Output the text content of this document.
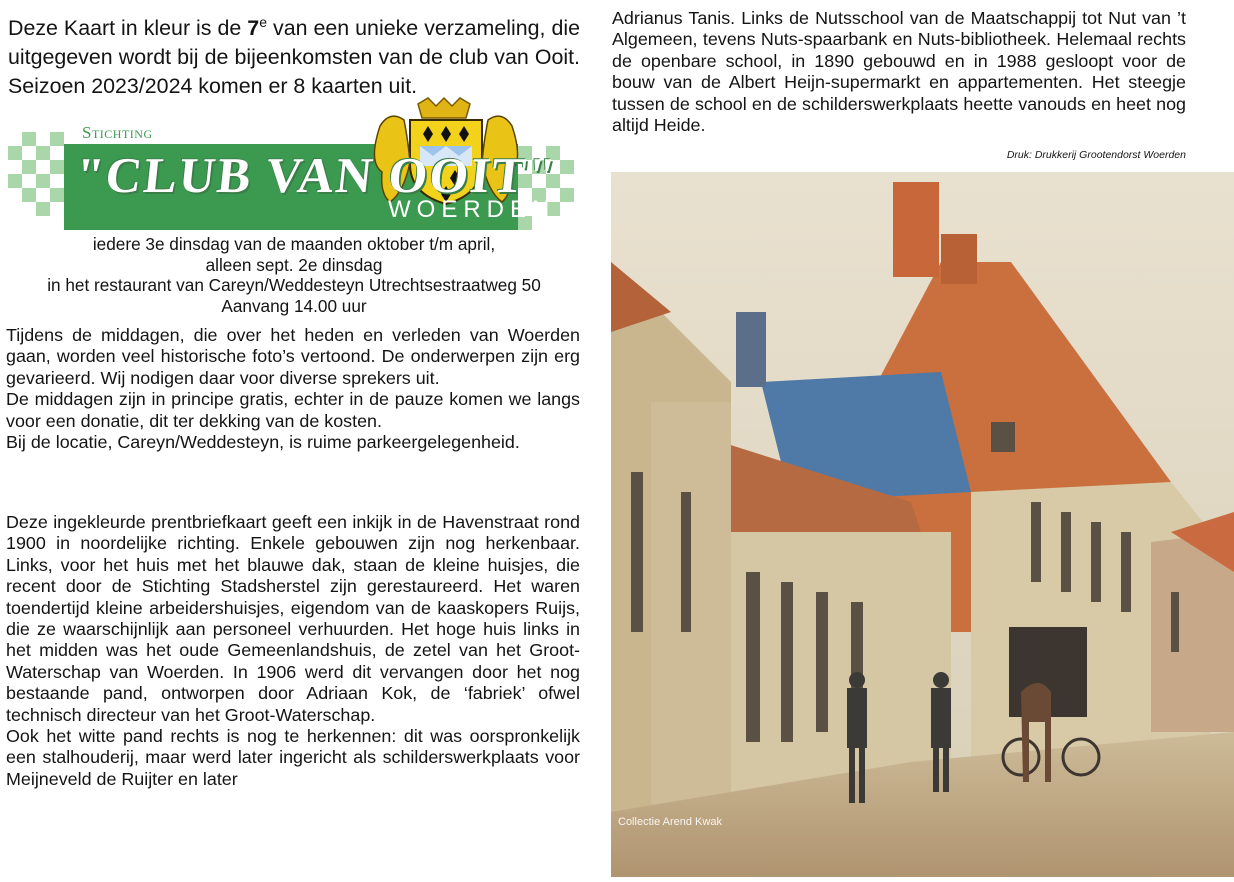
Deze Kaart in kleur is de 7e van een unieke verzameling, die uitgegeven wordt bij de bijeenkomsten van de club van Ooit. Seizoen 2023/2024 komen er 8 kaarten uit.
Stichting
"CLUB VAN OOIT"
WOERDEN
iedere 3e dinsdag van de maanden oktober t/m april,
alleen sept. 2e dinsdag
in het restaurant van Careyn/Weddesteyn Utrechtsestraatweg 50
Aanvang 14.00 uur

Tijdens de middagen, die over het heden en verleden van Woerden gaan, worden veel historische foto’s vertoond. De onderwerpen zijn erg gevarieerd. Wij nodigen daar voor diverse sprekers uit.

De middagen zijn in principe gratis, echter in de pauze komen we langs voor een donatie, dit ter dekking van de kosten.

Bij de locatie, Careyn/Weddesteyn, is ruime parkeergelegenheid.

Deze ingekleurde prentbriefkaart geeft een inkijk in de Havenstraat rond 1900 in noordelijke richting. Enkele gebouwen zijn nog herkenbaar. Links, voor het huis met het blauwe dak, staan de kleine huisjes, die recent door de Stichting Stadsherstel zijn gerestaureerd. Het waren toendertijd kleine arbeidershuisjes, eigendom van de kaaskopers Ruijs, die ze waarschijnlijk aan personeel verhuurden. Het hoge huis links in het midden was het oude Gemeenlandshuis, de zetel van het Groot-Waterschap van Woerden. In 1906 werd dit vervangen door het nog bestaande pand, ontworpen door Adriaan Kok, de ‘fabriek’ ofwel technisch directeur van het Groot-Waterschap.

Ook het witte pand rechts is nog te herkennen: dit was oorspronkelijk een stalhouderij, maar werd later ingericht als schilderswerkplaats voor Meijneveld de Ruijter en later

Adrianus Tanis. Links de Nutsschool van de Maatschappij tot Nut van ’t Algemeen, tevens Nuts-spaarbank en Nuts-bibliotheek. Helemaal rechts de openbare school, in 1890 gebouwd en in 1988 gesloopt voor de bouw van de Albert Heijn-supermarkt en appartementen. Het steegje tussen de school en de schilderswerkplaats heette vanouds en heet nog altijd Heide.
Druk: Drukkerij Grootendorst Woerden
Collectie Arend Kwak
